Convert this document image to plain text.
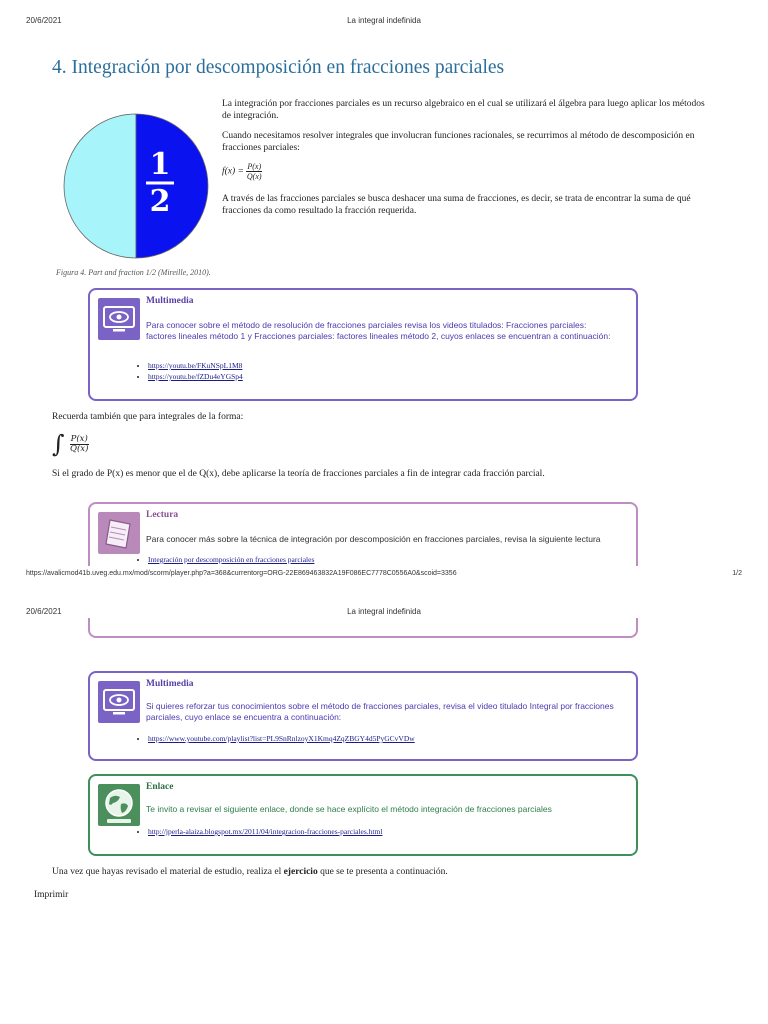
20/6/2021	La integral indefinida
4. Integración por descomposición en fracciones parciales
1
2
Figura 4. Part and fraction 1/2 (Mireille, 2010).
La integración por fracciones parciales es un recurso algebraico en el cual se utilizará el álgebra para luego aplicar los métodos de integración.
Cuando necesitamos resolver integrales que involucran funciones racionales, se recurrimos al método de descomposición en fracciones parciales:
$f(x) = \frac{P(x)}{Q(x)}$
A través de las fracciones parciales se busca deshacer una suma de fracciones, es decir, se trata de encontrar la suma de qué fracciones da como resultado la fracción requerida.
Multimedia
Para conocer sobre el método de resolución de fracciones parciales revisa los videos titulados: Fracciones parciales: factores lineales método 1 y Fracciones parciales: factores lineales método 2, cuyos enlaces se encuentran a continuación:
• https://youtu.be/FKuNSpL1M8
• https://youtu.be/fZDu4eYGSp4
Recuerda también que para integrales de la forma:
∫ $\frac{P(x)}{Q(x)}$
Si el grado de P(x) es menor que el de Q(x), debe aplicarse la teoría de fracciones parciales a fin de integrar cada fracción parcial.
Lectura
Para conocer más sobre la técnica de integración por descomposición en fracciones parciales, revisa la siguiente lectura
• Integración por descomposición en fracciones parciales
https://avalicmod41b.uveg.edu.mx/mod/scorm/player.php?a=368&currentorg=ORG-22E869463832A19F086EC7778C0556A0&scoid=3356	1/2
20/6/2021	La integral indefinida
Multimedia
Si quieres reforzar tus conocimientos sobre el método de fracciones parciales, revisa el video titulado Integral por fracciones parciales, cuyo enlace se encuentra a continuación:
• https://www.youtube.com/playlist?list=PL9SnRnlzoyX1Kmq4ZqZBGY4d5PyGCvVDw
Enlace
Te invito a revisar el siguiente enlace, donde se hace explícito el método integración de fracciones parciales
• http://jperla-alaiza.blogspot.mx/2011/04/integracion-fracciones-parciales.html
Una vez que hayas revisado el material de estudio, realiza el ejercicio que se te presenta a continuación.
Imprimir
